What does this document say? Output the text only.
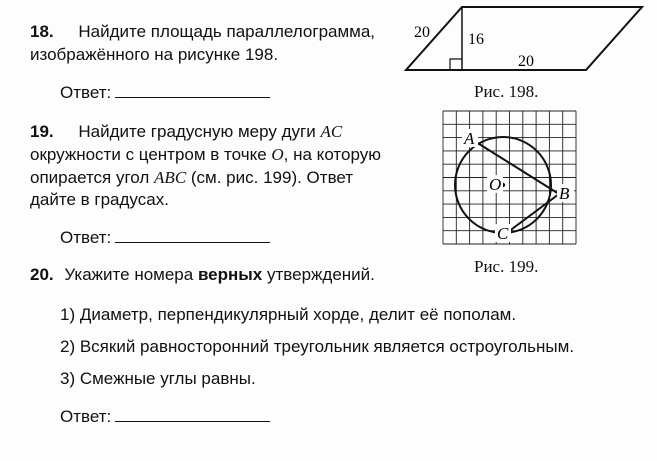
18. Найдите площадь параллелограмма,
изображённого на рисунке 198.
Ответ:
20 16
20
Рис. 198.
19. Найдите градусную меру дуги AC
окружности с центром в точке O, на которую
опирается угол ABC (см. рис. 199). Ответ
дайте в градусах.
Ответ:
A
O	B
C
Рис. 199.
20. Укажите номера верных утверждений.
1) Диаметр, перпендикулярный хорде, делит её пополам.
2) Всякий равносторонний треугольник является остроугольным.
3) Смежные углы равны.
Ответ:
